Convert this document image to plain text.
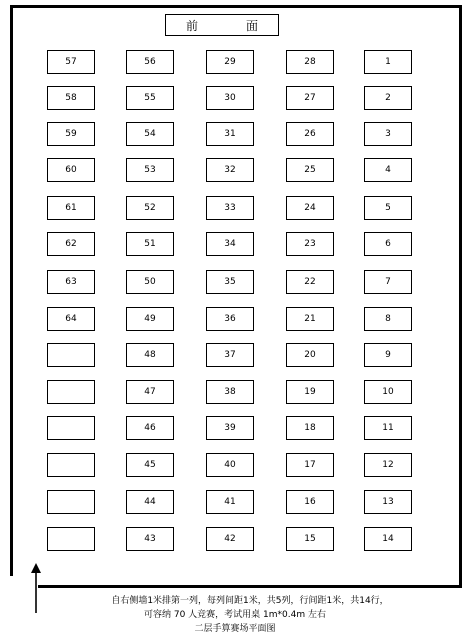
前　面
57
58
59
60
61
62
63
64
56
55
54
53
52
51
50
49
48
47
46
45
44
43
29
30
31
32
33
34
35
36
37
38
39
40
41
42
28
27
26
25
24
23
22
21
20
19
18
17
16
15
1
2
3
4
5
6
7
8
9
10
11
12
13
14
自右侧墙1米排第一列，每列间距1米，共5列，行间距1米，共14行，
可容纳 70 人竞赛，考试用桌 1m*0.4m 左右
二层手算赛场平面图
